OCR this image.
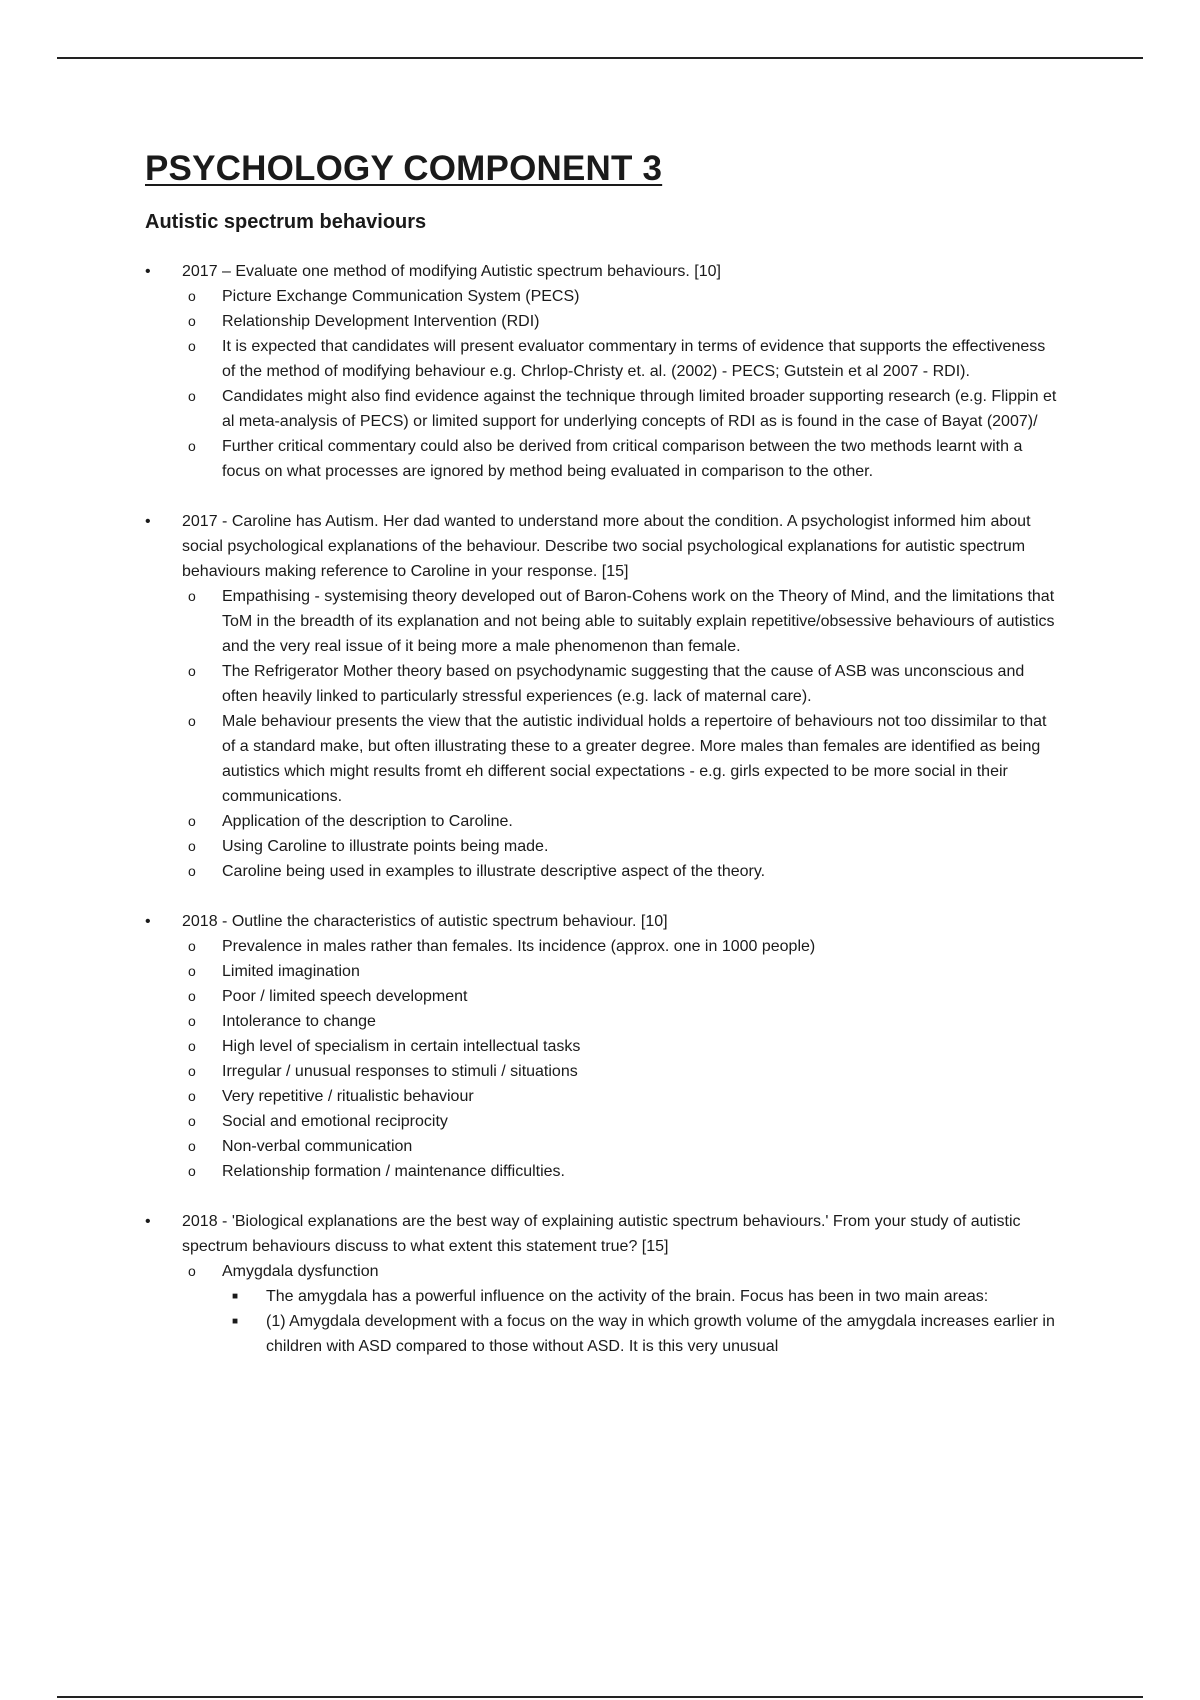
PSYCHOLOGY COMPONENT 3
Autistic spectrum behaviours
•
2017 – Evaluate one method of modifying Autistic spectrum behaviours. [10]
o
Picture Exchange Communication System (PECS)
o
Relationship Development Intervention (RDI)
o
It is expected that candidates will present evaluator commentary in terms of evidence that supports the effectiveness of the method of modifying behaviour e.g. Chrlop-Christy et. al. (2002) - PECS; Gutstein et al 2007 - RDI).
o
Candidates might also find evidence against the technique through limited broader supporting research (e.g. Flippin et al meta-analysis of PECS) or limited support for underlying concepts of RDI as is found in the case of Bayat (2007)/
o
Further critical commentary could also be derived from critical comparison between the two methods learnt with a focus on what processes are ignored by method being evaluated in comparison to the other.
•
2017 - Caroline has Autism. Her dad wanted to understand more about the condition. A psychologist informed him about social psychological explanations of the behaviour. Describe two social psychological explanations for autistic spectrum behaviours making reference to Caroline in your response. [15]
o
Empathising - systemising theory developed out of Baron-Cohens work on the Theory of Mind, and the limitations that ToM in the breadth of its explanation and not being able to suitably explain repetitive/obsessive behaviours of autistics and the very real issue of it being more a male phenomenon than female.
o
The Refrigerator Mother theory based on psychodynamic suggesting that the cause of ASB was unconscious and often heavily linked to particularly stressful experiences (e.g. lack of maternal care).
o
Male behaviour presents the view that the autistic individual holds a repertoire of behaviours not too dissimilar to that of a standard make, but often illustrating these to a greater degree. More males than females are identified as being autistics which might results fromt eh different social expectations - e.g. girls expected to be more social in their communications.
o
Application of the description to Caroline.
o
Using Caroline to illustrate points being made.
o
Caroline being used in examples to illustrate descriptive aspect of the theory.
•
2018 - Outline the characteristics of autistic spectrum behaviour. [10]
o
Prevalence in males rather than females. Its incidence (approx. one in 1000 people)
o
Limited imagination
o
Poor / limited speech development
o
Intolerance to change
o
High level of specialism in certain intellectual tasks
o
Irregular / unusual responses to stimuli / situations
o
Very repetitive / ritualistic behaviour
o
Social and emotional reciprocity
o
Non-verbal communication
o
Relationship formation / maintenance difficulties.
•
2018 - 'Biological explanations are the best way of explaining autistic spectrum behaviours.' From your study of autistic spectrum behaviours discuss to what extent this statement true? [15]
o
Amygdala dysfunction
■
The amygdala has a powerful influence on the activity of the brain. Focus has been in two main areas:
■
(1) Amygdala development with a focus on the way in which growth volume of the amygdala increases earlier in children with ASD compared to those without ASD. It is this very unusual
